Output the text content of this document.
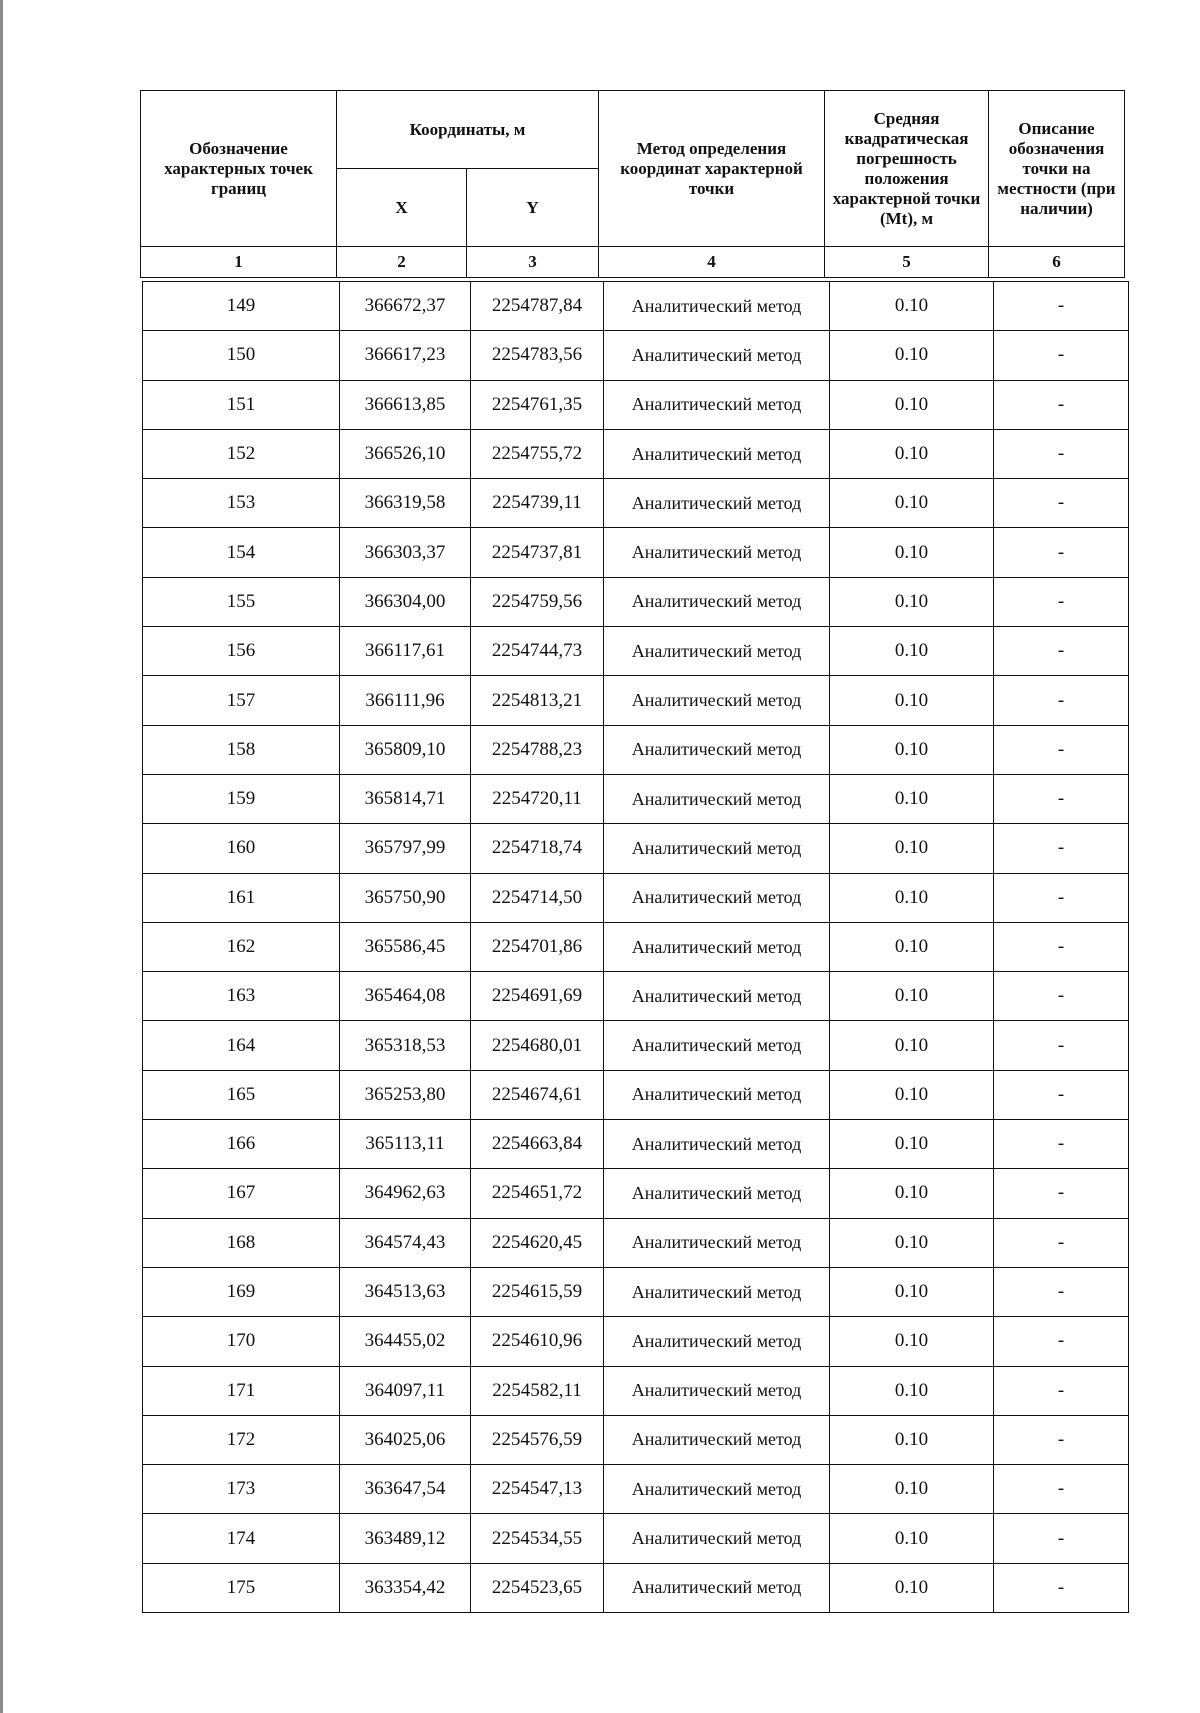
Обозначение характерных точек границ	Координаты, м		Метод определения координат характерной точки	Средняя квадратическая погрешность положения характерной точки (Mt), м	Описание обозначения точки на местности (при наличии)
	X	Y			
1	2	3	4	5	6
149	366672,37	2254787,84	Аналитический метод	0.10	-
150	366617,23	2254783,56	Аналитический метод	0.10	-
151	366613,85	2254761,35	Аналитический метод	0.10	-
152	366526,10	2254755,72	Аналитический метод	0.10	-
153	366319,58	2254739,11	Аналитический метод	0.10	-
154	366303,37	2254737,81	Аналитический метод	0.10	-
155	366304,00	2254759,56	Аналитический метод	0.10	-
156	366117,61	2254744,73	Аналитический метод	0.10	-
157	366111,96	2254813,21	Аналитический метод	0.10	-
158	365809,10	2254788,23	Аналитический метод	0.10	-
159	365814,71	2254720,11	Аналитический метод	0.10	-
160	365797,99	2254718,74	Аналитический метод	0.10	-
161	365750,90	2254714,50	Аналитический метод	0.10	-
162	365586,45	2254701,86	Аналитический метод	0.10	-
163	365464,08	2254691,69	Аналитический метод	0.10	-
164	365318,53	2254680,01	Аналитический метод	0.10	-
165	365253,80	2254674,61	Аналитический метод	0.10	-
166	365113,11	2254663,84	Аналитический метод	0.10	-
167	364962,63	2254651,72	Аналитический метод	0.10	-
168	364574,43	2254620,45	Аналитический метод	0.10	-
169	364513,63	2254615,59	Аналитический метод	0.10	-
170	364455,02	2254610,96	Аналитический метод	0.10	-
171	364097,11	2254582,11	Аналитический метод	0.10	-
172	364025,06	2254576,59	Аналитический метод	0.10	-
173	363647,54	2254547,13	Аналитический метод	0.10	-
174	363489,12	2254534,55	Аналитический метод	0.10	-
175	363354,42	2254523,65	Аналитический метод	0.10	-
